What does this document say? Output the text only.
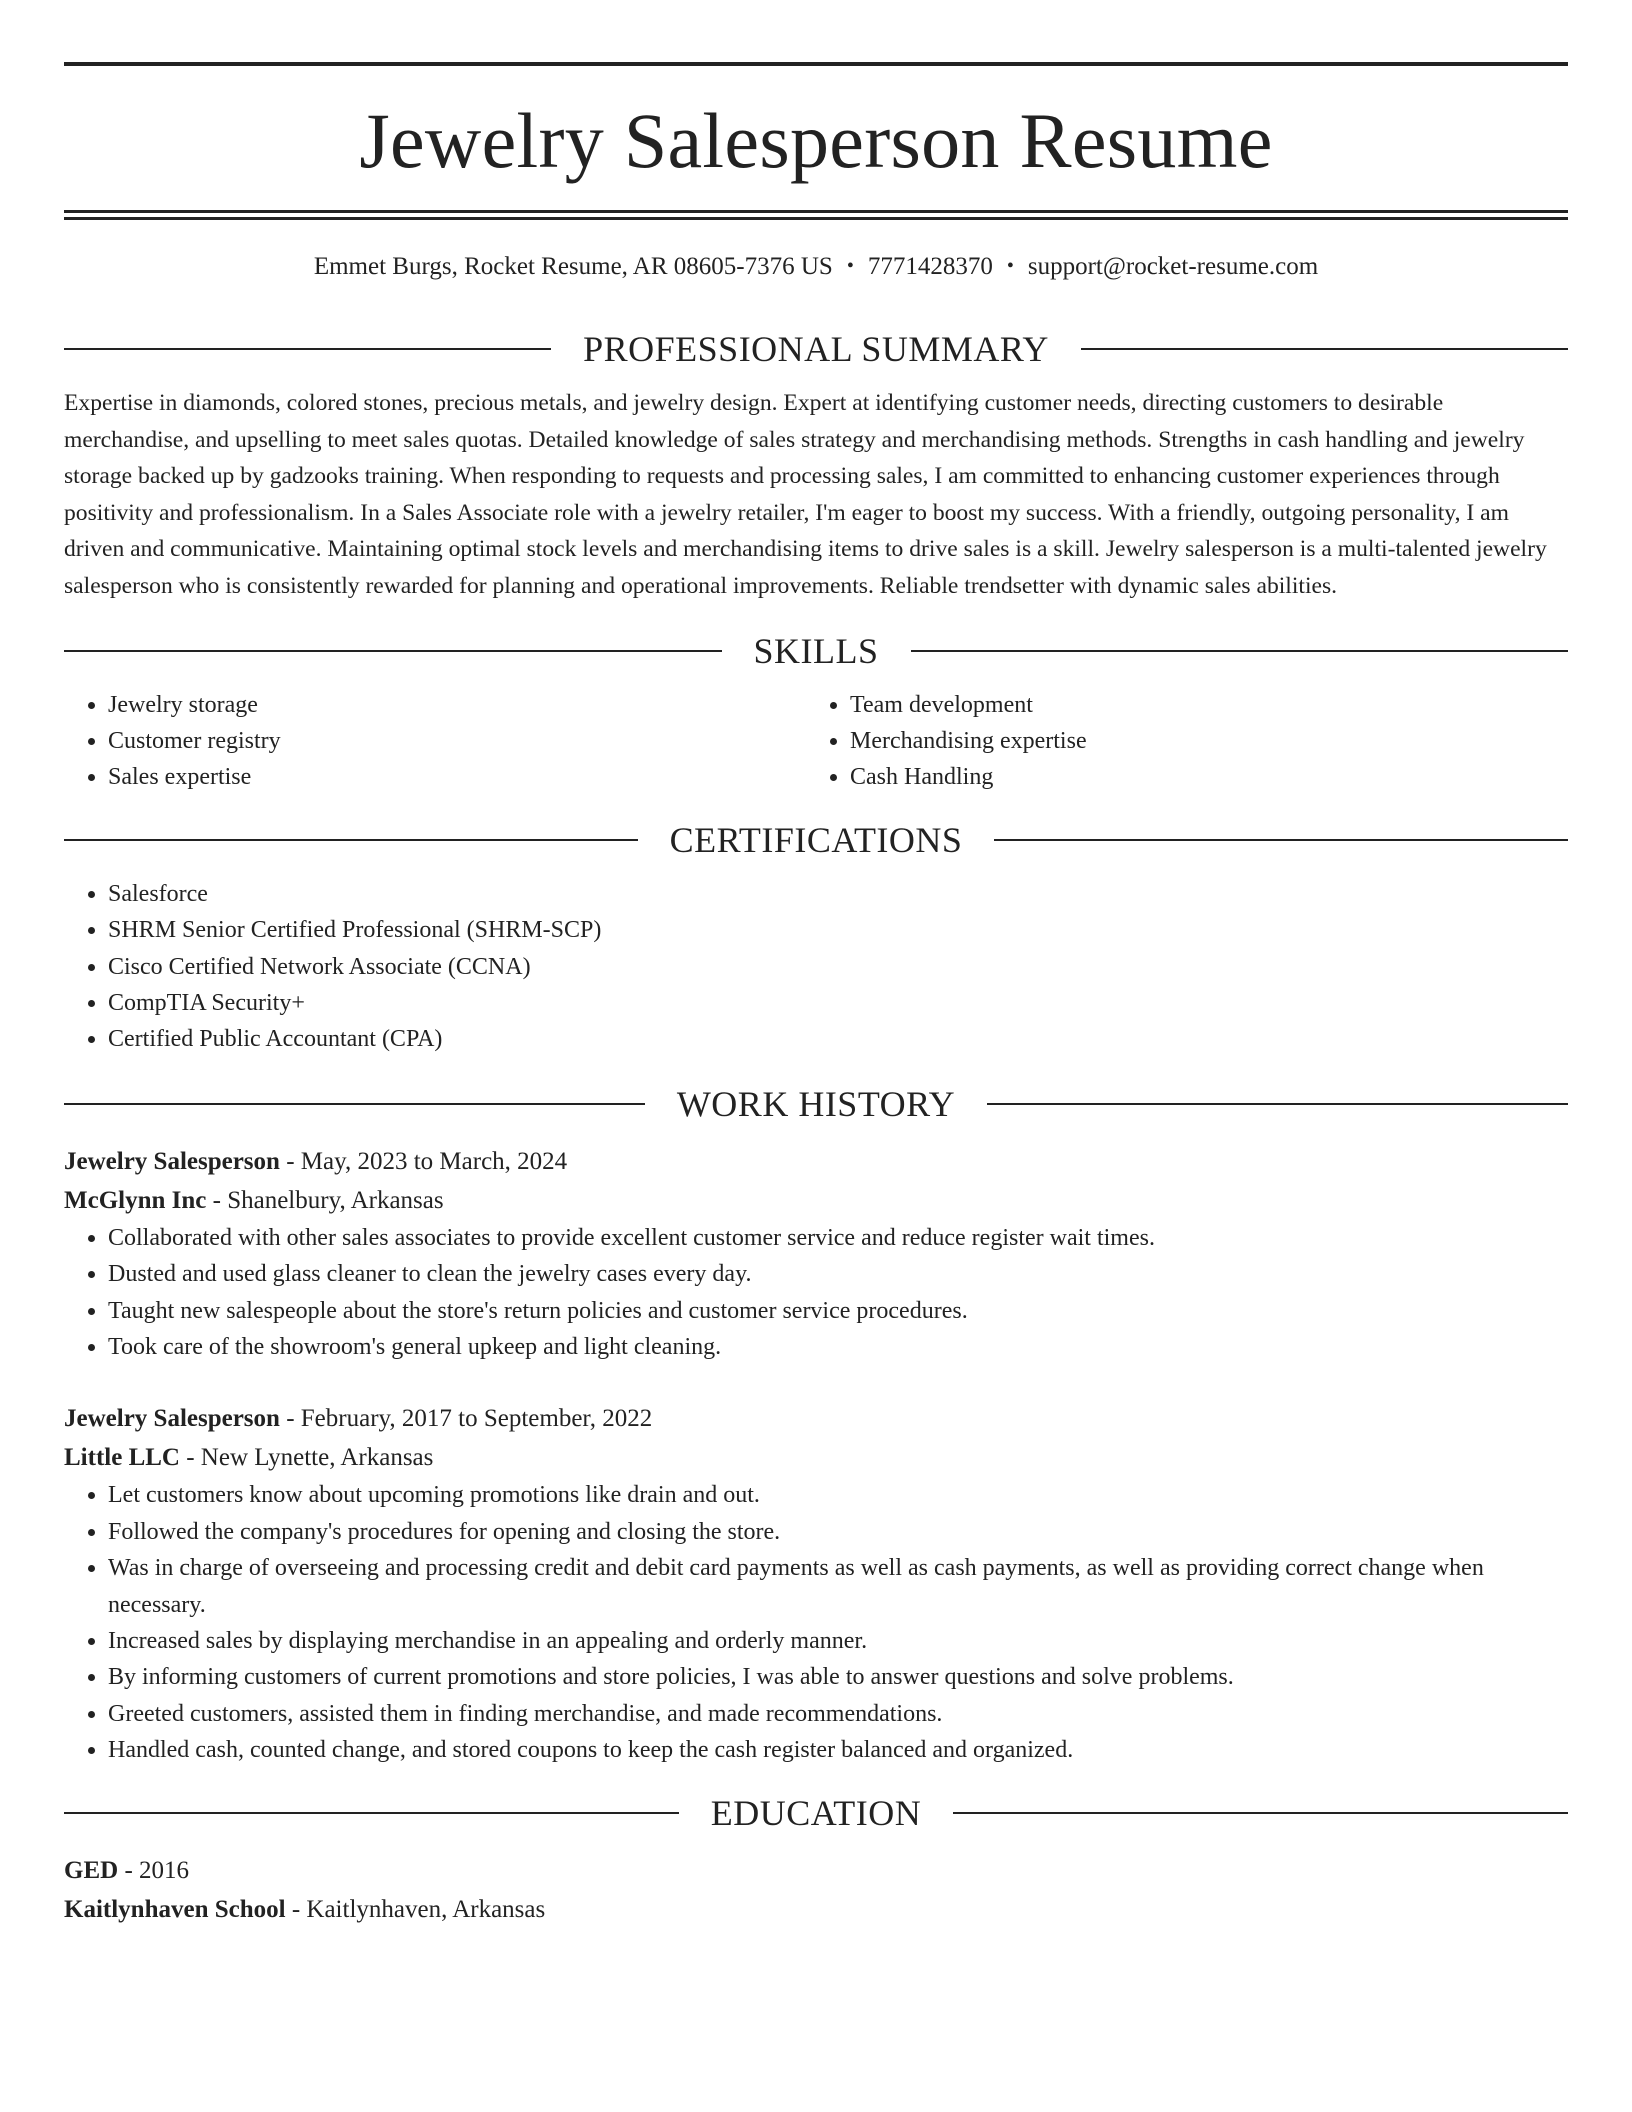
Jewelry Salesperson Resume
Emmet Burgs, Rocket Resume, AR 08605-7376 US • 7771428370 • support@rocket-resume.com
PROFESSIONAL SUMMARY
Expertise in diamonds, colored stones, precious metals, and jewelry design. Expert at identifying customer needs, directing customers to desirable merchandise, and upselling to meet sales quotas. Detailed knowledge of sales strategy and merchandising methods. Strengths in cash handling and jewelry storage backed up by gadzooks training. When responding to requests and processing sales, I am committed to enhancing customer experiences through positivity and professionalism. In a Sales Associate role with a jewelry retailer, I'm eager to boost my success. With a friendly, outgoing personality, I am driven and communicative. Maintaining optimal stock levels and merchandising items to drive sales is a skill. Jewelry salesperson is a multi-talented jewelry salesperson who is consistently rewarded for planning and operational improvements. Reliable trendsetter with dynamic sales abilities.
SKILLS
• Jewelry storage
• Customer registry
• Sales expertise
• Team development
• Merchandising expertise
• Cash Handling
CERTIFICATIONS
• Salesforce
• SHRM Senior Certified Professional (SHRM-SCP)
• Cisco Certified Network Associate (CCNA)
• CompTIA Security+
• Certified Public Accountant (CPA)
WORK HISTORY
Jewelry Salesperson - May, 2023 to March, 2024
McGlynn Inc - Shanelbury, Arkansas
• Collaborated with other sales associates to provide excellent customer service and reduce register wait times.
• Dusted and used glass cleaner to clean the jewelry cases every day.
• Taught new salespeople about the store's return policies and customer service procedures.
• Took care of the showroom's general upkeep and light cleaning.
Jewelry Salesperson - February, 2017 to September, 2022
Little LLC - New Lynette, Arkansas
• Let customers know about upcoming promotions like drain and out.
• Followed the company's procedures for opening and closing the store.
• Was in charge of overseeing and processing credit and debit card payments as well as cash payments, as well as providing correct change when necessary.
• Increased sales by displaying merchandise in an appealing and orderly manner.
• By informing customers of current promotions and store policies, I was able to answer questions and solve problems.
• Greeted customers, assisted them in finding merchandise, and made recommendations.
• Handled cash, counted change, and stored coupons to keep the cash register balanced and organized.
EDUCATION
GED - 2016
Kaitlynhaven School - Kaitlynhaven, Arkansas
